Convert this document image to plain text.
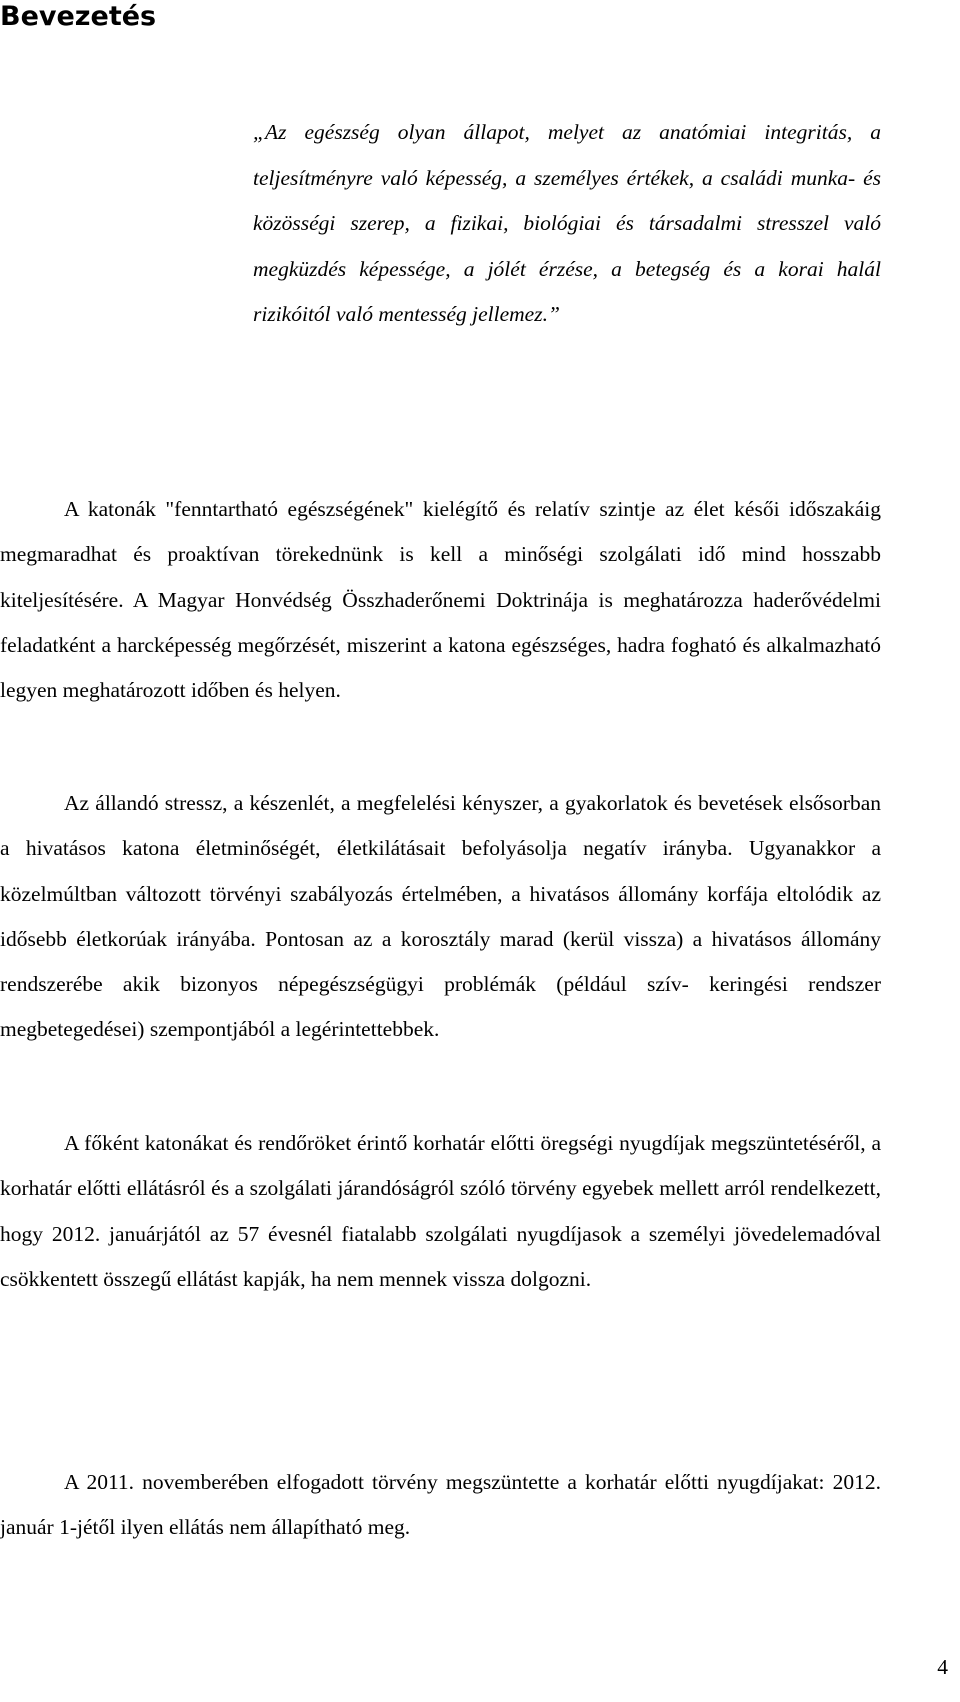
Bevezetés

„Az egészség olyan állapot, melyet az anatómiai integritás, a teljesítményre való képesség, a személyes értékek, a családi munka- és közösségi szerep, a fizikai, biológiai és társadalmi stresszel való megküzdés képessége, a jólét érzése, a betegség és a korai halál rizikóitól való mentesség jellemez.”

A katonák "fenntartható egészségének" kielégítő és relatív szintje az élet késői időszakáig megmaradhat és proaktívan törekednünk is kell a minőségi szolgálati idő mind hosszabb kiteljesítésére. A Magyar Honvédség Összhaderőnemi Doktrinája is meghatározza haderővédelmi feladatként a harcképesség megőrzését, miszerint a katona egészséges, hadra fogható és alkalmazható legyen meghatározott időben és helyen.

Az állandó stressz, a készenlét, a megfelelési kényszer, a gyakorlatok és bevetések elsősorban a hivatásos katona életminőségét, életkilátásait befolyásolja negatív irányba. Ugyanakkor a közelmúltban változott törvényi szabályozás értelmében, a hivatásos állomány korfája eltolódik az idősebb életkorúak irányába. Pontosan az a korosztály marad (kerül vissza) a hivatásos állomány rendszerébe akik bizonyos népegészségügyi problémák (például szív- keringési rendszer megbetegedései) szempontjából a legérintettebbek.

A főként katonákat és rendőröket érintő korhatár előtti öregségi nyugdíjak megszüntetéséről, a korhatár előtti ellátásról és a szolgálati járandóságról szóló törvény egyebek mellett arról rendelkezett, hogy 2012. januárjától az 57 évesnél fiatalabb szolgálati nyugdíjasok a személyi jövedelemadóval csökkentett összegű ellátást kapják, ha nem mennek vissza dolgozni.

A 2011. novemberében elfogadott törvény megszüntette a korhatár előtti nyugdíjakat: 2012. január 1-jétől ilyen ellátás nem állapítható meg.

4
